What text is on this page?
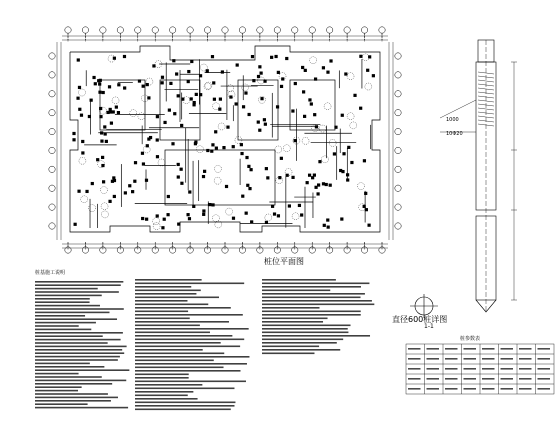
桩位平面图
直径600桩详图
1-1
桩基施工说明
桩参数表
1000
10Φ20
